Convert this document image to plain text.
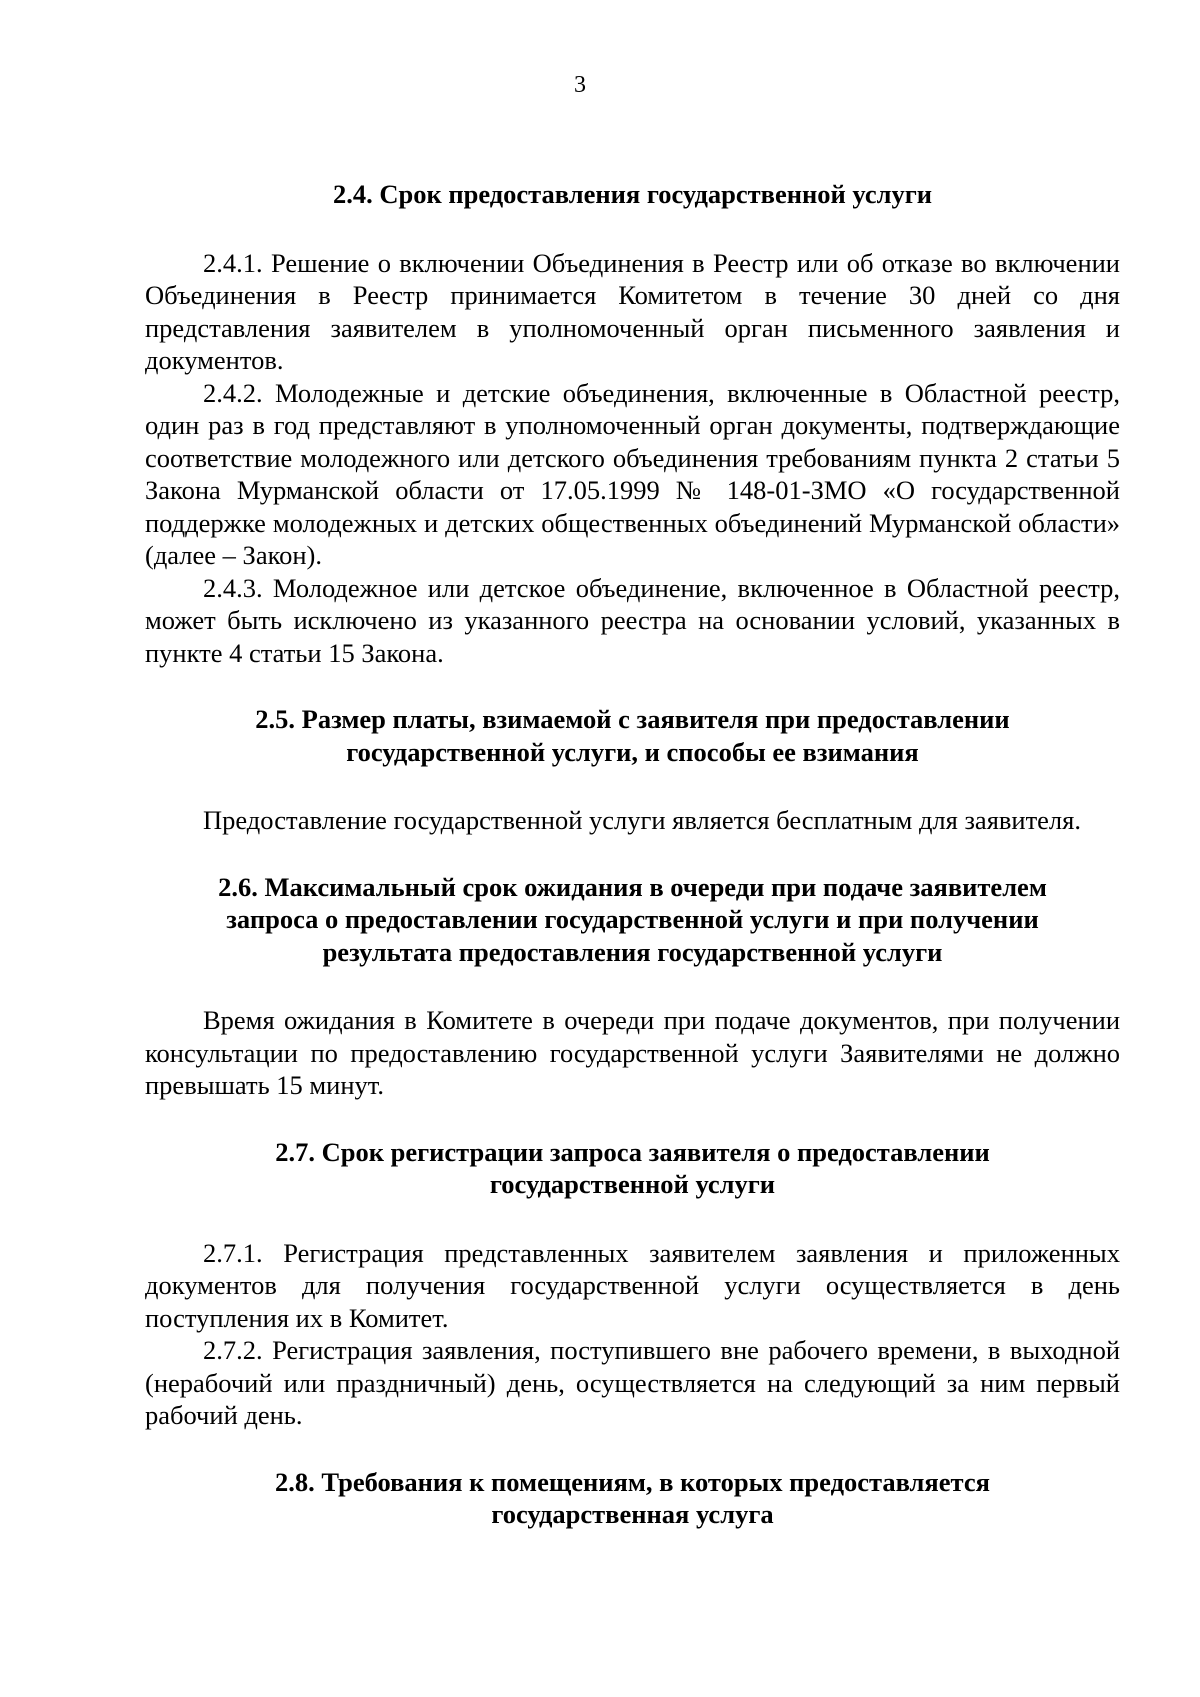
3
2.4. Срок предоставления государственной услуги

2.4.1. Решение о включении Объединения в Реестр или об отказе во включении Объединения в Реестр принимается Комитетом в течение 30 дней со дня представления заявителем в уполномоченный орган письменного заявления и документов.

2.4.2. Молодежные и детские объединения, включенные в Областной реестр, один раз в год представляют в уполномоченный орган документы, подтверждающие соответствие молодежного или детского объединения требованиям пункта 2 статьи 5 Закона Мурманской области от 17.05.1999 № 148-01-ЗМО «О государственной поддержке молодежных и детских общественных объединений Мурманской области» (далее – Закон).

2.4.3. Молодежное или детское объединение, включенное в Областной реестр, может быть исключено из указанного реестра на основании условий, указанных в пункте 4 статьи 15 Закона.

2.5. Размер платы, взимаемой с заявителя при предоставлении
государственной услуги, и способы ее взимания

Предоставление государственной услуги является бесплатным для заявителя.

2.6. Максимальный срок ожидания в очереди при подаче заявителем
запроса о предоставлении государственной услуги и при получении
результата предоставления государственной услуги

Время ожидания в Комитете в очереди при подаче документов, при получении консультации по предоставлению государственной услуги Заявителями не должно превышать 15 минут.

2.7. Срок регистрации запроса заявителя о предоставлении
государственной услуги

2.7.1. Регистрация представленных заявителем заявления и приложенных документов для получения государственной услуги осуществляется в день поступления их в Комитет.

2.7.2. Регистрация заявления, поступившего вне рабочего времени, в выходной (нерабочий или праздничный) день, осуществляется на следующий за ним первый рабочий день.

2.8. Требования к помещениям, в которых предоставляется
государственная услуга
